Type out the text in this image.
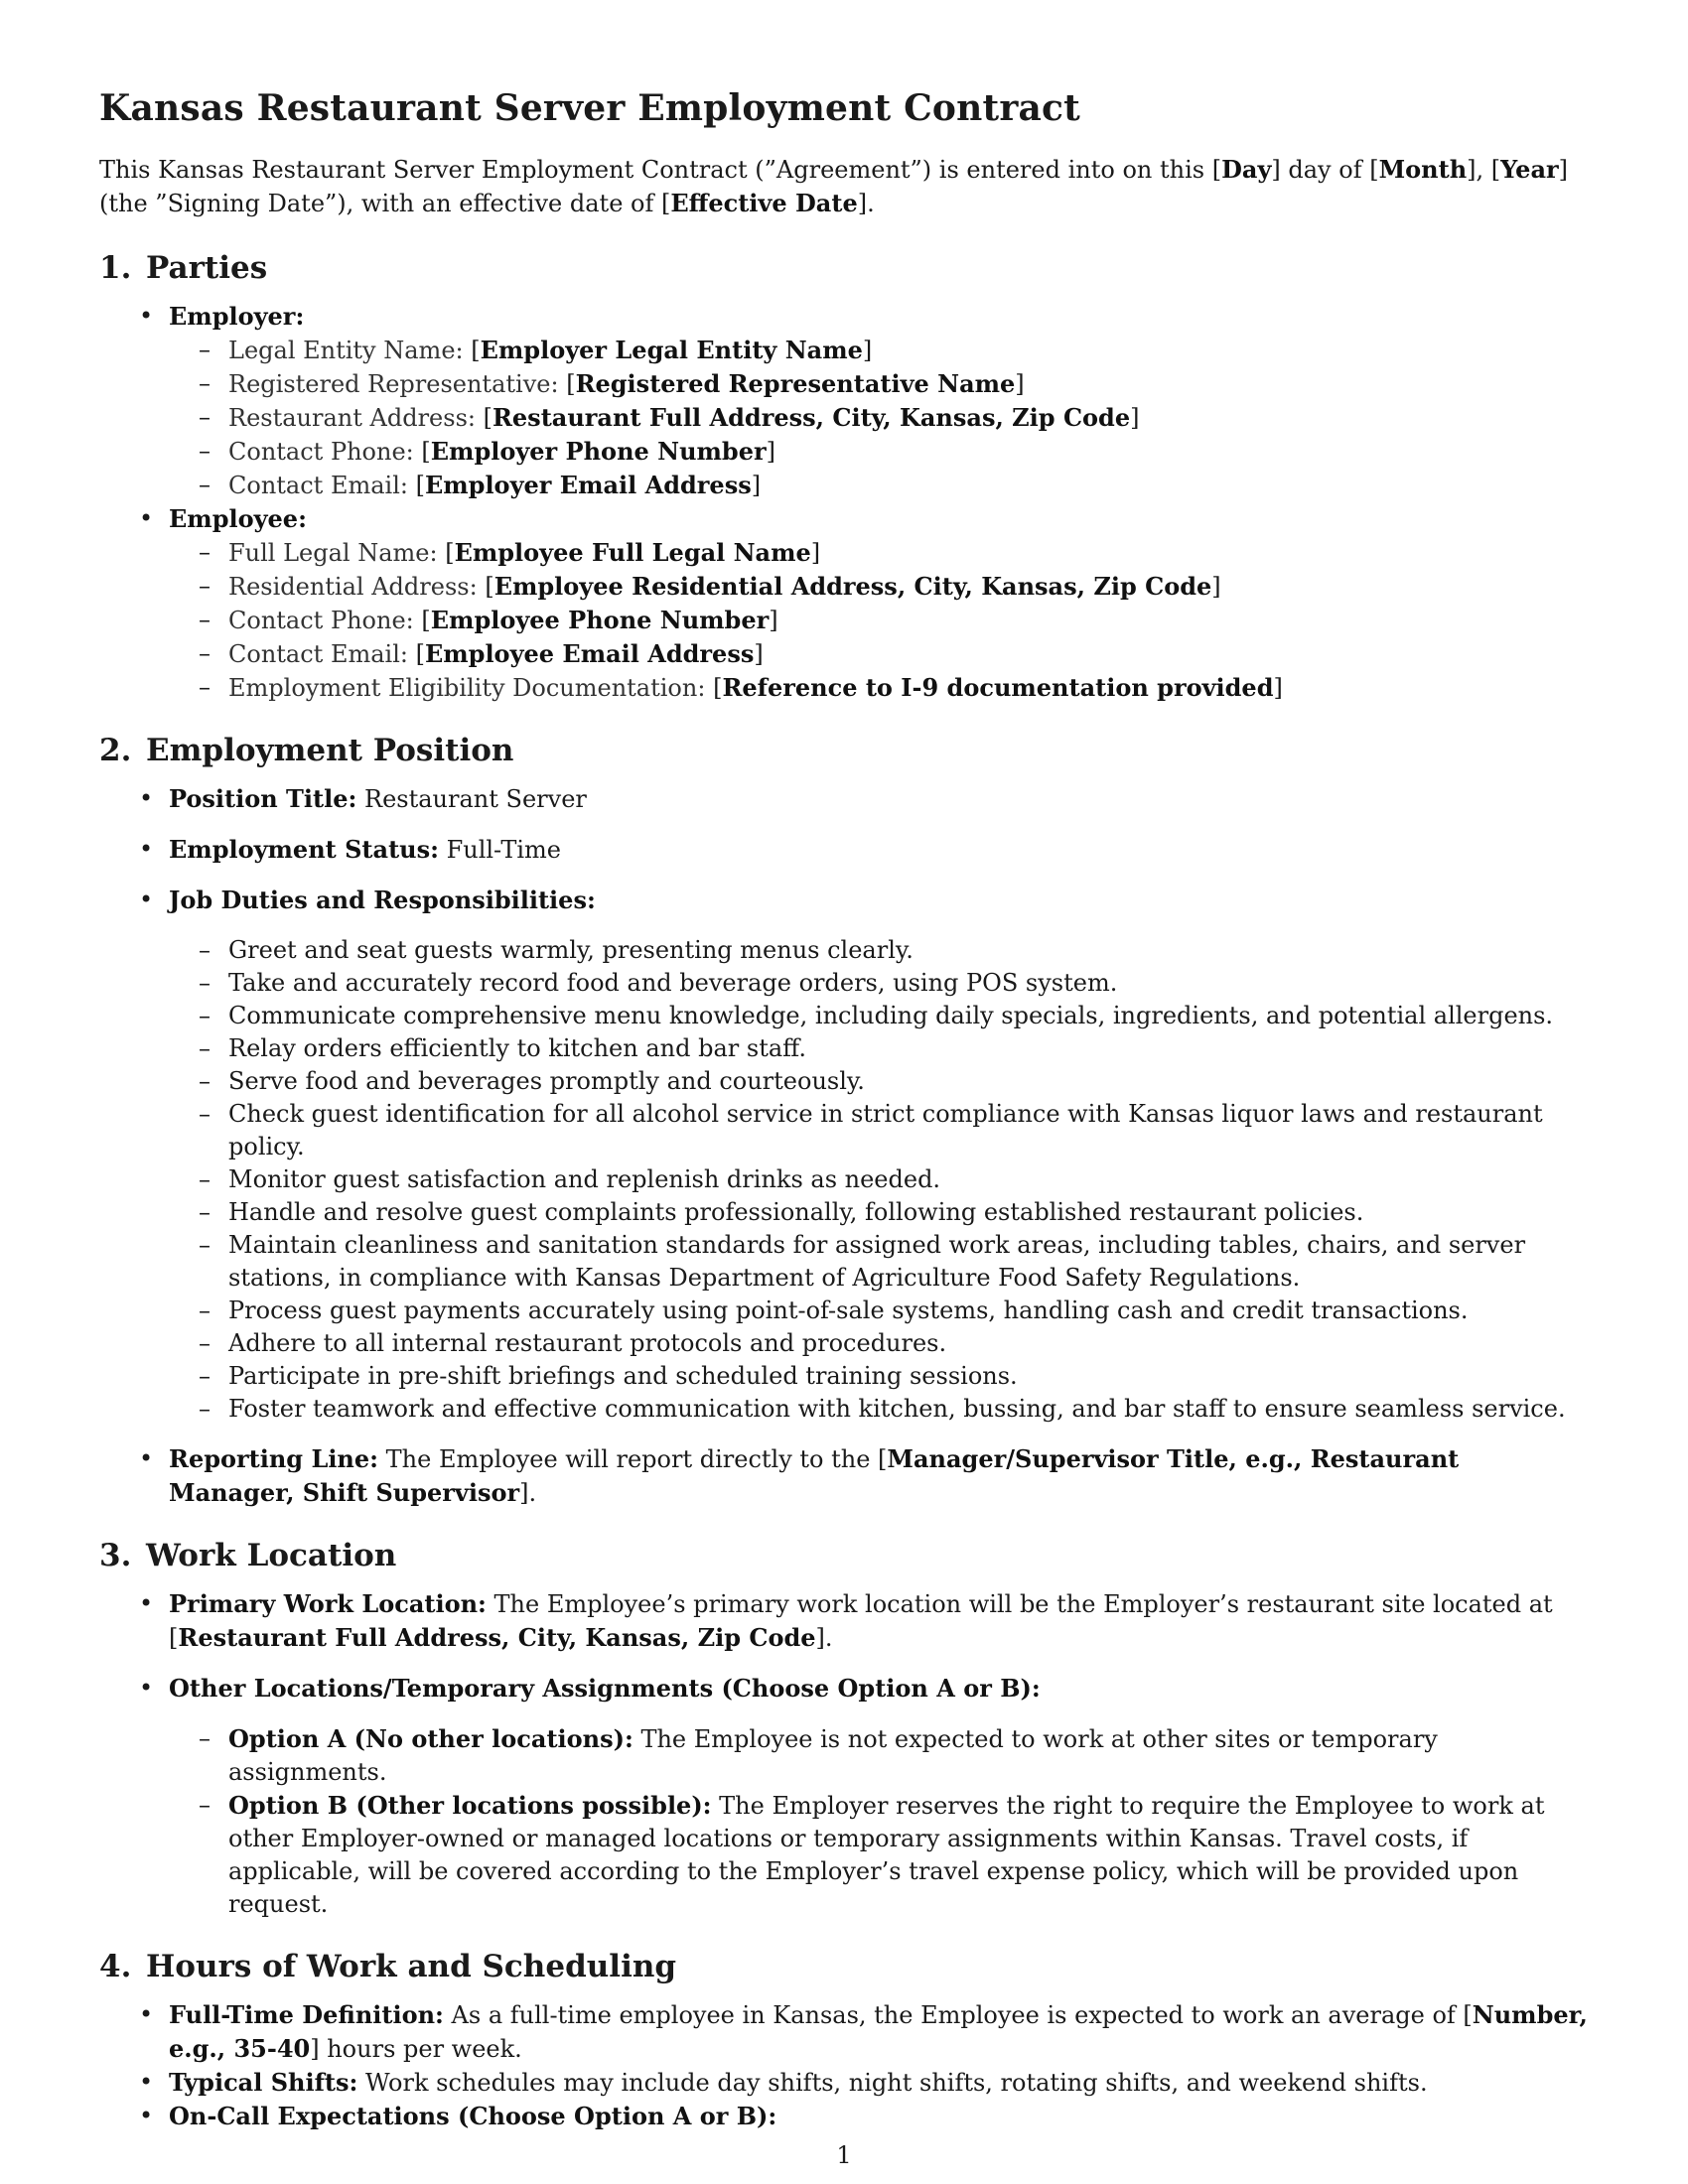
Kansas Restaurant Server Employment Contract

This Kansas Restaurant Server Employment Contract (”Agreement”) is entered into on this [Day] day of [Month], [Year] (the ”Signing Date”), with an effective date of [Effective Date].

1. Parties
• Employer:
– Legal Entity Name: [Employer Legal Entity Name]
– Registered Representative: [Registered Representative Name]
– Restaurant Address: [Restaurant Full Address, City, Kansas, Zip Code]
– Contact Phone: [Employer Phone Number]
– Contact Email: [Employer Email Address]
• Employee:
– Full Legal Name: [Employee Full Legal Name]
– Residential Address: [Employee Residential Address, City, Kansas, Zip Code]
– Contact Phone: [Employee Phone Number]
– Contact Email: [Employee Email Address]
– Employment Eligibility Documentation: [Reference to I-9 documentation provided]
2. Employment Position
• Position Title: Restaurant Server
• Employment Status: Full-Time
• Job Duties and Responsibilities:
– Greet and seat guests warmly, presenting menus clearly.
– Take and accurately record food and beverage orders, using POS system.
– Communicate comprehensive menu knowledge, including daily specials, ingredients, and potential allergens.
– Relay orders efficiently to kitchen and bar staff.
– Serve food and beverages promptly and courteously.
– Check guest identification for all alcohol service in strict compliance with Kansas liquor laws and restaurant policy.
– Monitor guest satisfaction and replenish drinks as needed.
– Handle and resolve guest complaints professionally, following established restaurant policies.
– Maintain cleanliness and sanitation standards for assigned work areas, including tables, chairs, and server stations, in compliance with Kansas Department of Agriculture Food Safety Regulations.
– Process guest payments accurately using point-of-sale systems, handling cash and credit transactions.
– Adhere to all internal restaurant protocols and procedures.
– Participate in pre-shift briefings and scheduled training sessions.
– Foster teamwork and effective communication with kitchen, bussing, and bar staff to ensure seamless service.
• Reporting Line: The Employee will report directly to the [Manager/Supervisor Title, e.g., Restaurant Manager, Shift Supervisor].
3. Work Location
• Primary Work Location: The Employee’s primary work location will be the Employer’s restaurant site located at [Restaurant Full Address, City, Kansas, Zip Code].
• Other Locations/Temporary Assignments (Choose Option A or B):
– Option A (No other locations): The Employee is not expected to work at other sites or temporary assignments.
– Option B (Other locations possible): The Employer reserves the right to require the Employee to work at other Employer-owned or managed locations or temporary assignments within Kansas. Travel costs, if applicable, will be covered according to the Employer’s travel expense policy, which will be provided upon request.
4. Hours of Work and Scheduling
• Full-Time Definition: As a full-time employee in Kansas, the Employee is expected to work an average of [Number, e.g., 35-40] hours per week.
• Typical Shifts: Work schedules may include day shifts, night shifts, rotating shifts, and weekend shifts.
• On-Call Expectations (Choose Option A or B):
1
